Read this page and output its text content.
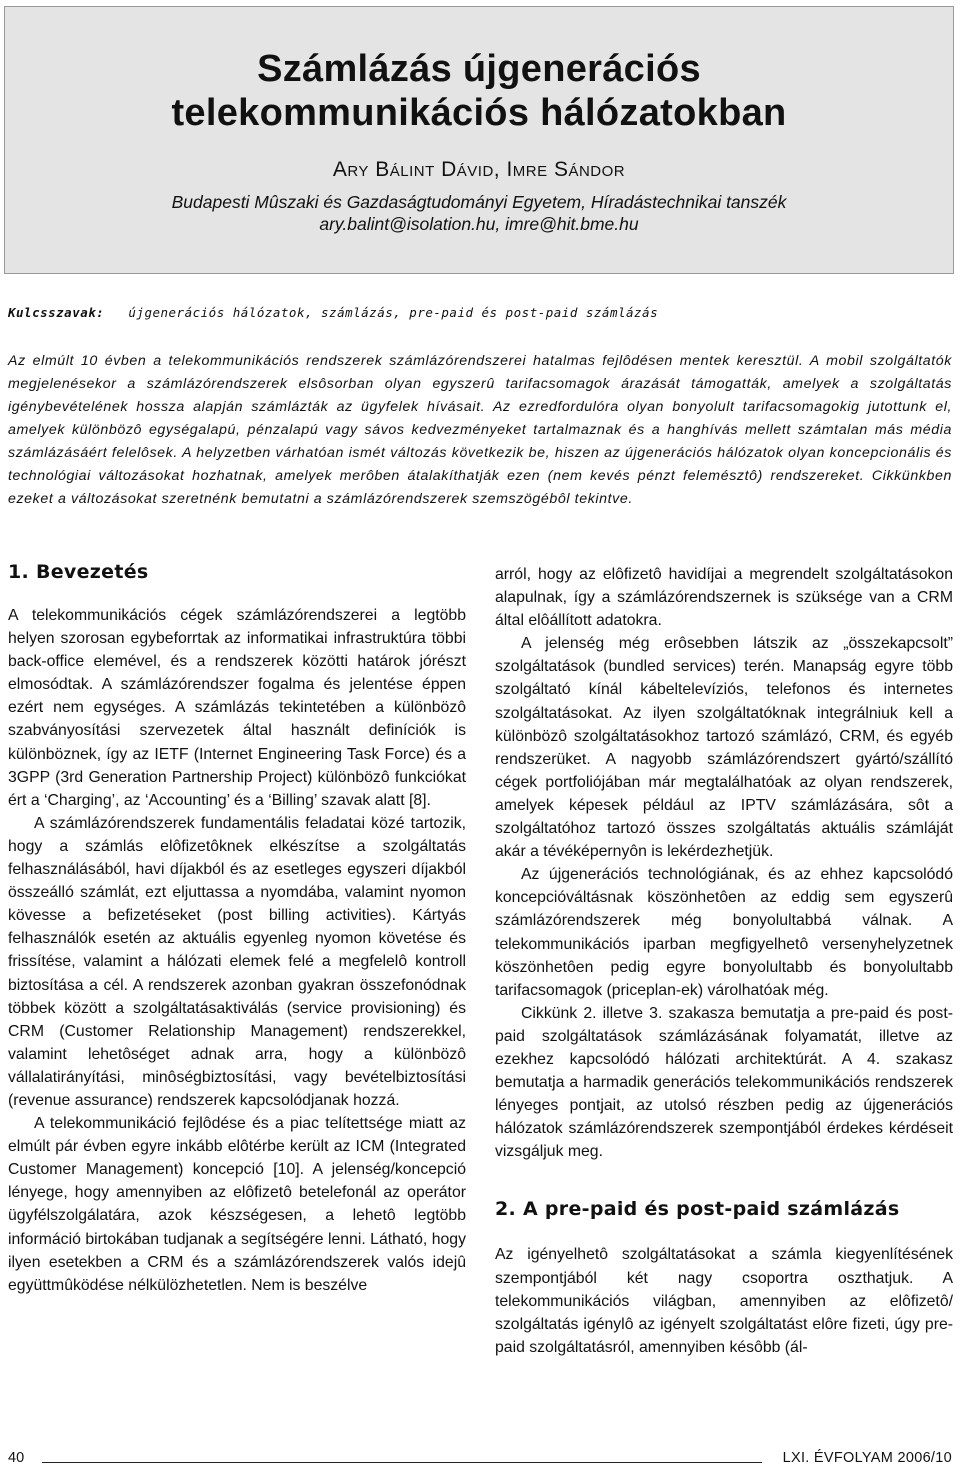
Számlázás újgenerációs
telekommunikációs hálózatokban
Ary Bálint Dávid, Imre Sándor
Budapesti Mûszaki és Gazdaságtudományi Egyetem, Híradástechnikai tanszék
ary.balint@isolation.hu, imre@hit.bme.hu
Kulcsszavak: újgenerációs hálózatok, számlázás, pre-paid és post-paid számlázás
Az elmúlt 10 évben a telekommunikációs rendszerek számlázórendszerei hatalmas fejlôdésen mentek keresztül. A mobil szolgáltatók megjelenésekor a számlázórendszerek elsôsorban olyan egyszerû tarifacsomagok árazását támogatták, amelyek a szolgáltatás igénybevételének hossza alapján számlázták az ügyfelek hívásait. Az ezredfordulóra olyan bonyolult tarifacsomagokig jutottunk el, amelyek különbözô egységalapú, pénzalapú vagy sávos kedvezményeket tartalmaznak és a hanghívás mellett számtalan más média számlázásáért felelôsek. A helyzetben várhatóan ismét változás következik be, hiszen az újgenerációs hálózatok olyan koncepcionális és technológiai változásokat hozhatnak, amelyek merôben átalakíthatják ezen (nem kevés pénzt felemésztô) rendszereket. Cikkünkben ezeket a változásokat szeretnénk bemutatni a számlázórendszerek szemszögébôl tekintve.
1. Bevezetés

A telekommunikációs cégek számlázórendszerei a legtöbb helyen szorosan egybeforrtak az informatikai infrastruktúra többi back-office elemével, és a rendszerek közötti határok jórészt elmosódtak. A számlázórendszer fogalma és jelentése éppen ezért nem egységes. A számlázás tekintetében a különbözô szabványosítási szervezetek által használt definíciók is különböznek, így az IETF (Internet Engineering Task Force) és a 3GPP (3rd Generation Partnership Project) különbözô funkciókat ért a ‘Charging’, az ‘Accounting’ és a ‘Billing’ szavak alatt [8].

A számlázórendszerek fundamentális feladatai közé tartozik, hogy a számlás elôfizetôknek elkészítse a szolgáltatás felhasználásából, havi díjakból és az esetleges egyszeri díjakból összeálló számlát, ezt eljuttassa a nyomdába, valamint nyomon kövesse a befizetéseket (post billing activities). Kártyás felhasználók esetén az aktuális egyenleg nyomon követése és frissítése, valamint a hálózati elemek felé a megfelelô kontroll biztosítása a cél. A rendszerek azonban gyakran összefonódnak többek között a szolgáltatásaktiválás (service provisioning) és CRM (Customer Relationship Management) rendszerekkel, valamint lehetôséget adnak arra, hogy a különbözô vállalatirányítási, minôségbiztosítási, vagy bevételbiztosítási (revenue assurance) rendszerek kapcsolódjanak hozzá.

A telekommunikáció fejlôdése és a piac telítettsége miatt az elmúlt pár évben egyre inkább elôtérbe került az ICM (Integrated Customer Management) koncepció [10]. A jelenség/koncepció lényege, hogy amennyiben az elôfizetô betelefonál az operátor ügyfélszolgálatára, azok készségesen, a lehetô legtöbb információ birtokában tudjanak a segítségére lenni. Látható, hogy ilyen esetekben a CRM és a számlázórendszerek valós idejû együttmûködése nélkülözhetetlen. Nem is beszélve

arról, hogy az elôfizetô havidíjai a megrendelt szolgáltatásokon alapulnak, így a számlázórendszernek is szüksége van a CRM által elôállított adatokra.

A jelenség még erôsebben látszik az „összekapcsolt” szolgáltatások (bundled services) terén. Manapság egyre több szolgáltató kínál kábeltelevíziós, telefonos és internetes szolgáltatásokat. Az ilyen szolgáltatóknak integrálniuk kell a különbözô szolgáltatásokhoz tartozó számlázó, CRM, és egyéb rendszerüket. A nagyobb számlázórendszert gyártó/szállító cégek portfoliójában már megtalálhatóak az olyan rendszerek, amelyek képesek például az IPTV számlázására, sôt a szolgáltatóhoz tartozó összes szolgáltatás aktuális számláját akár a tévéképernyôn is lekérdezhetjük.

Az újgenerációs technológiának, és az ehhez kapcsolódó koncepcióváltásnak köszönhetôen az eddig sem egyszerû számlázórendszerek még bonyolultabbá válnak. A telekommunikációs iparban megfigyelhetô versenyhelyzetnek köszönhetôen pedig egyre bonyolultabb és bonyolultabb tarifacsomagok (priceplan-ek) várolhatóak még.

Cikkünk 2. illetve 3. szakasza bemutatja a pre-paid és post-paid szolgáltatások számlázásának folyamatát, illetve az ezekhez kapcsolódó hálózati architektúrát. A 4. szakasz bemutatja a harmadik generációs telekommunikációs rendszerek lényeges pontjait, az utolsó részben pedig az újgenerációs hálózatok számlázórendszerek szempontjából érdekes kérdéseit vizsgáljuk meg.

2. A pre-paid és post-paid számlázás

Az igényelhetô szolgáltatásokat a számla kiegyenlítésének szempontjából két nagy csoportra oszthatjuk. A telekommunikációs világban, amennyiben az elôfizetô/ szolgáltatás igénylô az igényelt szolgáltatást elôre fizeti, úgy pre-paid szolgáltatásról, amennyiben késôbb (ál-

40	LXI. ÉVFOLYAM 2006/10
